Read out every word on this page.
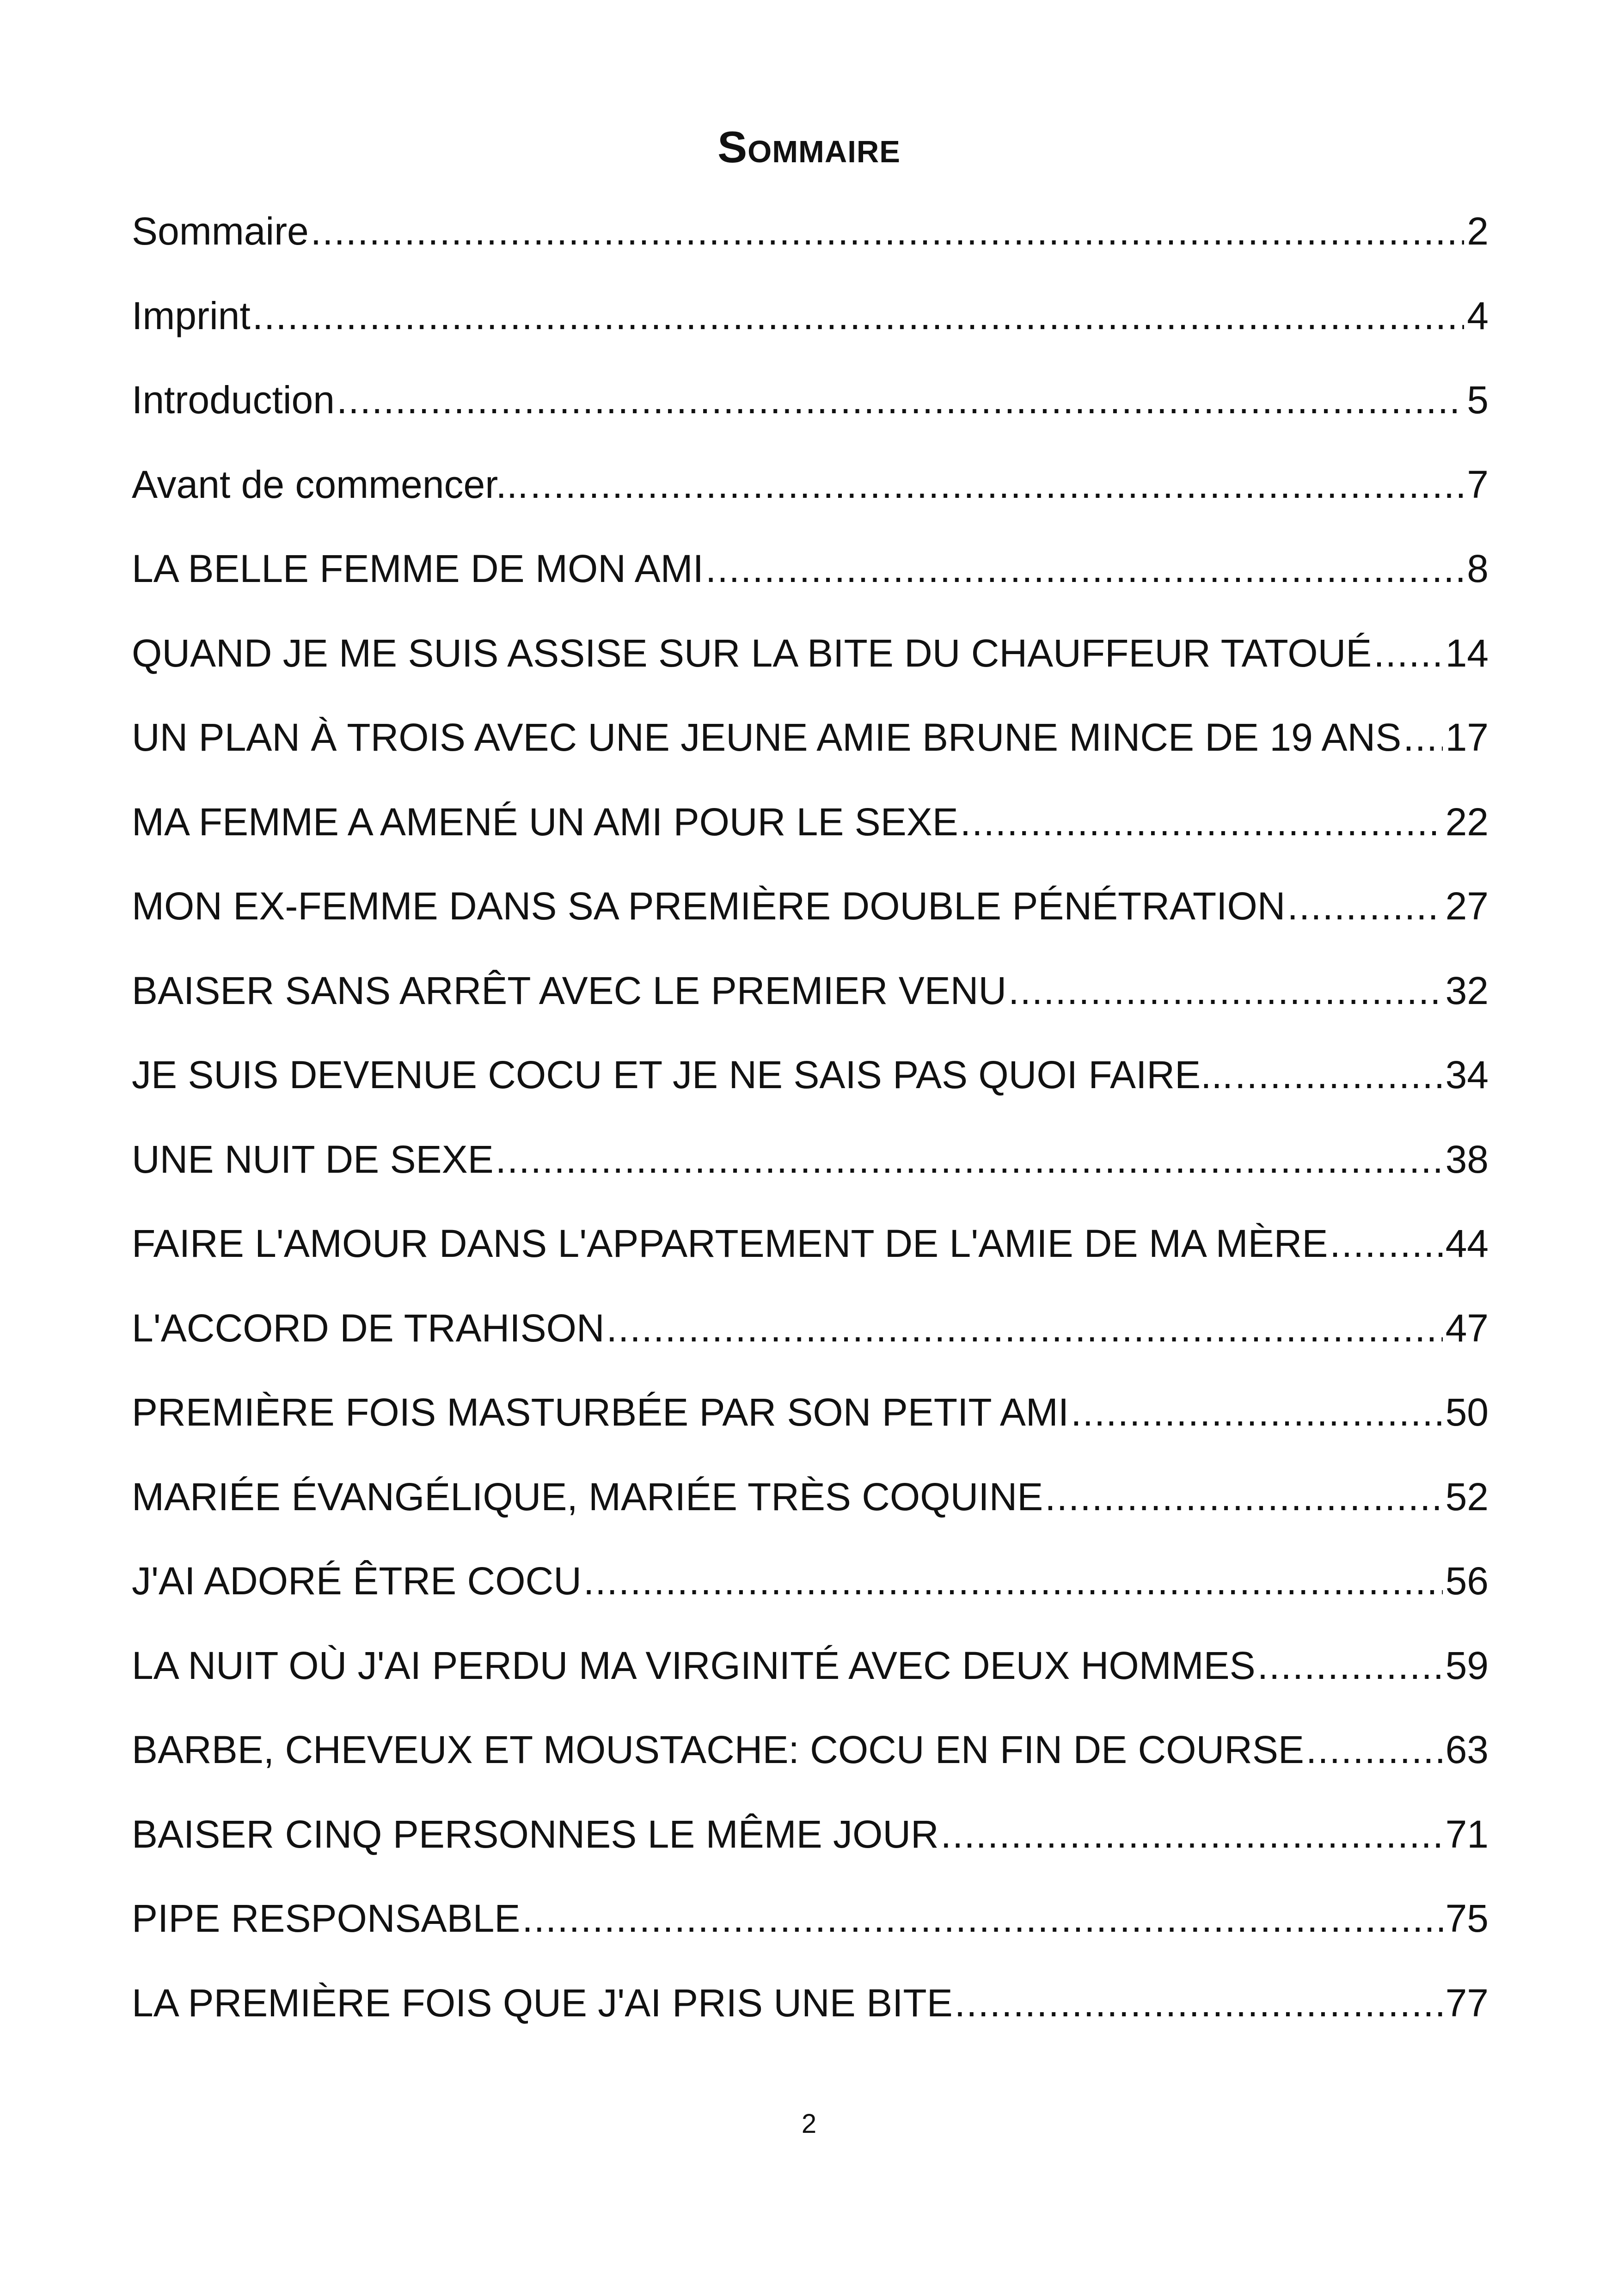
Sommaire
Sommaire .....	2
Imprint .....	4
Introduction .....	5
Avant de commencer... .....	7
LA BELLE FEMME DE MON AMI .....	8
QUAND JE ME SUIS ASSISE SUR LA BITE DU CHAUFFEUR TATOUÉ ..... 14
UN PLAN À TROIS AVEC UNE JEUNE AMIE BRUNE MINCE DE 19 ANS ..... 17
MA FEMME A AMENÉ UN AMI POUR LE SEXE .....	22
MON EX-FEMME DANS SA PREMIÈRE DOUBLE PÉNÉTRATION .....	27
BAISER SANS ARRÊT AVEC LE PREMIER VENU .....	32
JE SUIS DEVENUE COCU ET JE NE SAIS PAS QUOI FAIRE... .....	34
UNE NUIT DE SEXE .....	38
FAIRE L'AMOUR DANS L'APPARTEMENT DE L'AMIE DE MA MÈRE .....	44
L'ACCORD DE TRAHISON .....	47
PREMIÈRE FOIS MASTURBÉE PAR SON PETIT AMI .....	50
MARIÉE ÉVANGÉLIQUE, MARIÉE TRÈS COQUINE .....	52
J'AI ADORÉ ÊTRE COCU .....	56
LA NUIT OÙ J'AI PERDU MA VIRGINITÉ AVEC DEUX HOMMES .....	59
BARBE, CHEVEUX ET MOUSTACHE: COCU EN FIN DE COURSE .....	63
BAISER CINQ PERSONNES LE MÊME JOUR .....	71
PIPE RESPONSABLE .....	75
LA PREMIÈRE FOIS QUE J'AI PRIS UNE BITE .....	77
2
